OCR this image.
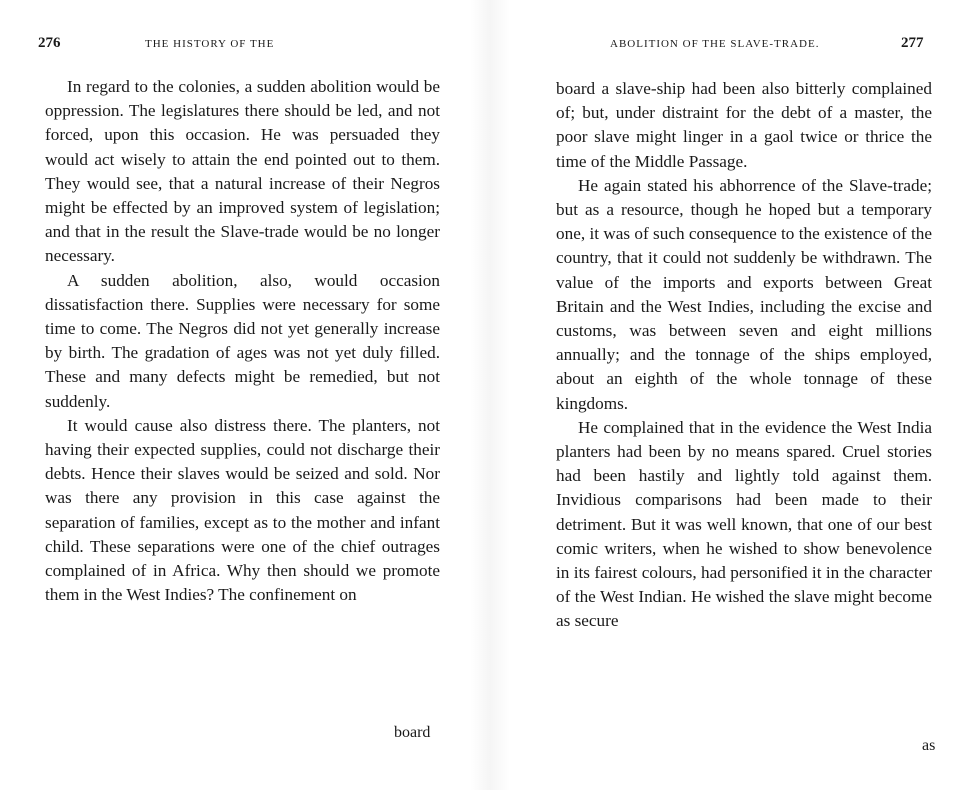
276	THE HISTORY OF THE

In regard to the colonies, a sudden abolition would be oppression. The legislatures there should be led, and not forced, upon this occasion. He was persuaded they would act wisely to attain the end pointed out to them. They would see, that a natural increase of their Negros might be effected by an improved system of legislation; and that in the result the Slave-trade would be no longer necessary.

A sudden abolition, also, would occasion dissatisfaction there. Supplies were necessary for some time to come. The Negros did not yet generally increase by birth. The gradation of ages was not yet duly filled. These and many defects might be remedied, but not suddenly.

It would cause also distress there. The planters, not having their expected supplies, could not discharge their debts. Hence their slaves would be seized and sold. Nor was there any provision in this case against the separation of families, except as to the mother and infant child. These separations were one of the chief outrages complained of in Africa. Why then should we promote them in the West Indies? The confinement on

board
ABOLITION OF THE SLAVE-TRADE.	277

board a slave-ship had been also bitterly complained of; but, under distraint for the debt of a master, the poor slave might linger in a gaol twice or thrice the time of the Middle Passage.

He again stated his abhorrence of the Slave-trade; but as a resource, though he hoped but a temporary one, it was of such consequence to the existence of the country, that it could not suddenly be withdrawn. The value of the imports and exports between Great Britain and the West Indies, including the excise and customs, was between seven and eight millions annually; and the tonnage of the ships employed, about an eighth of the whole tonnage of these kingdoms.

He complained that in the evidence the West India planters had been by no means spared. Cruel stories had been hastily and lightly told against them. Invidious comparisons had been made to their detriment. But it was well known, that one of our best comic writers, when he wished to show benevolence in its fairest colours, had personified it in the character of the West Indian. He wished the slave might become as secure

as
